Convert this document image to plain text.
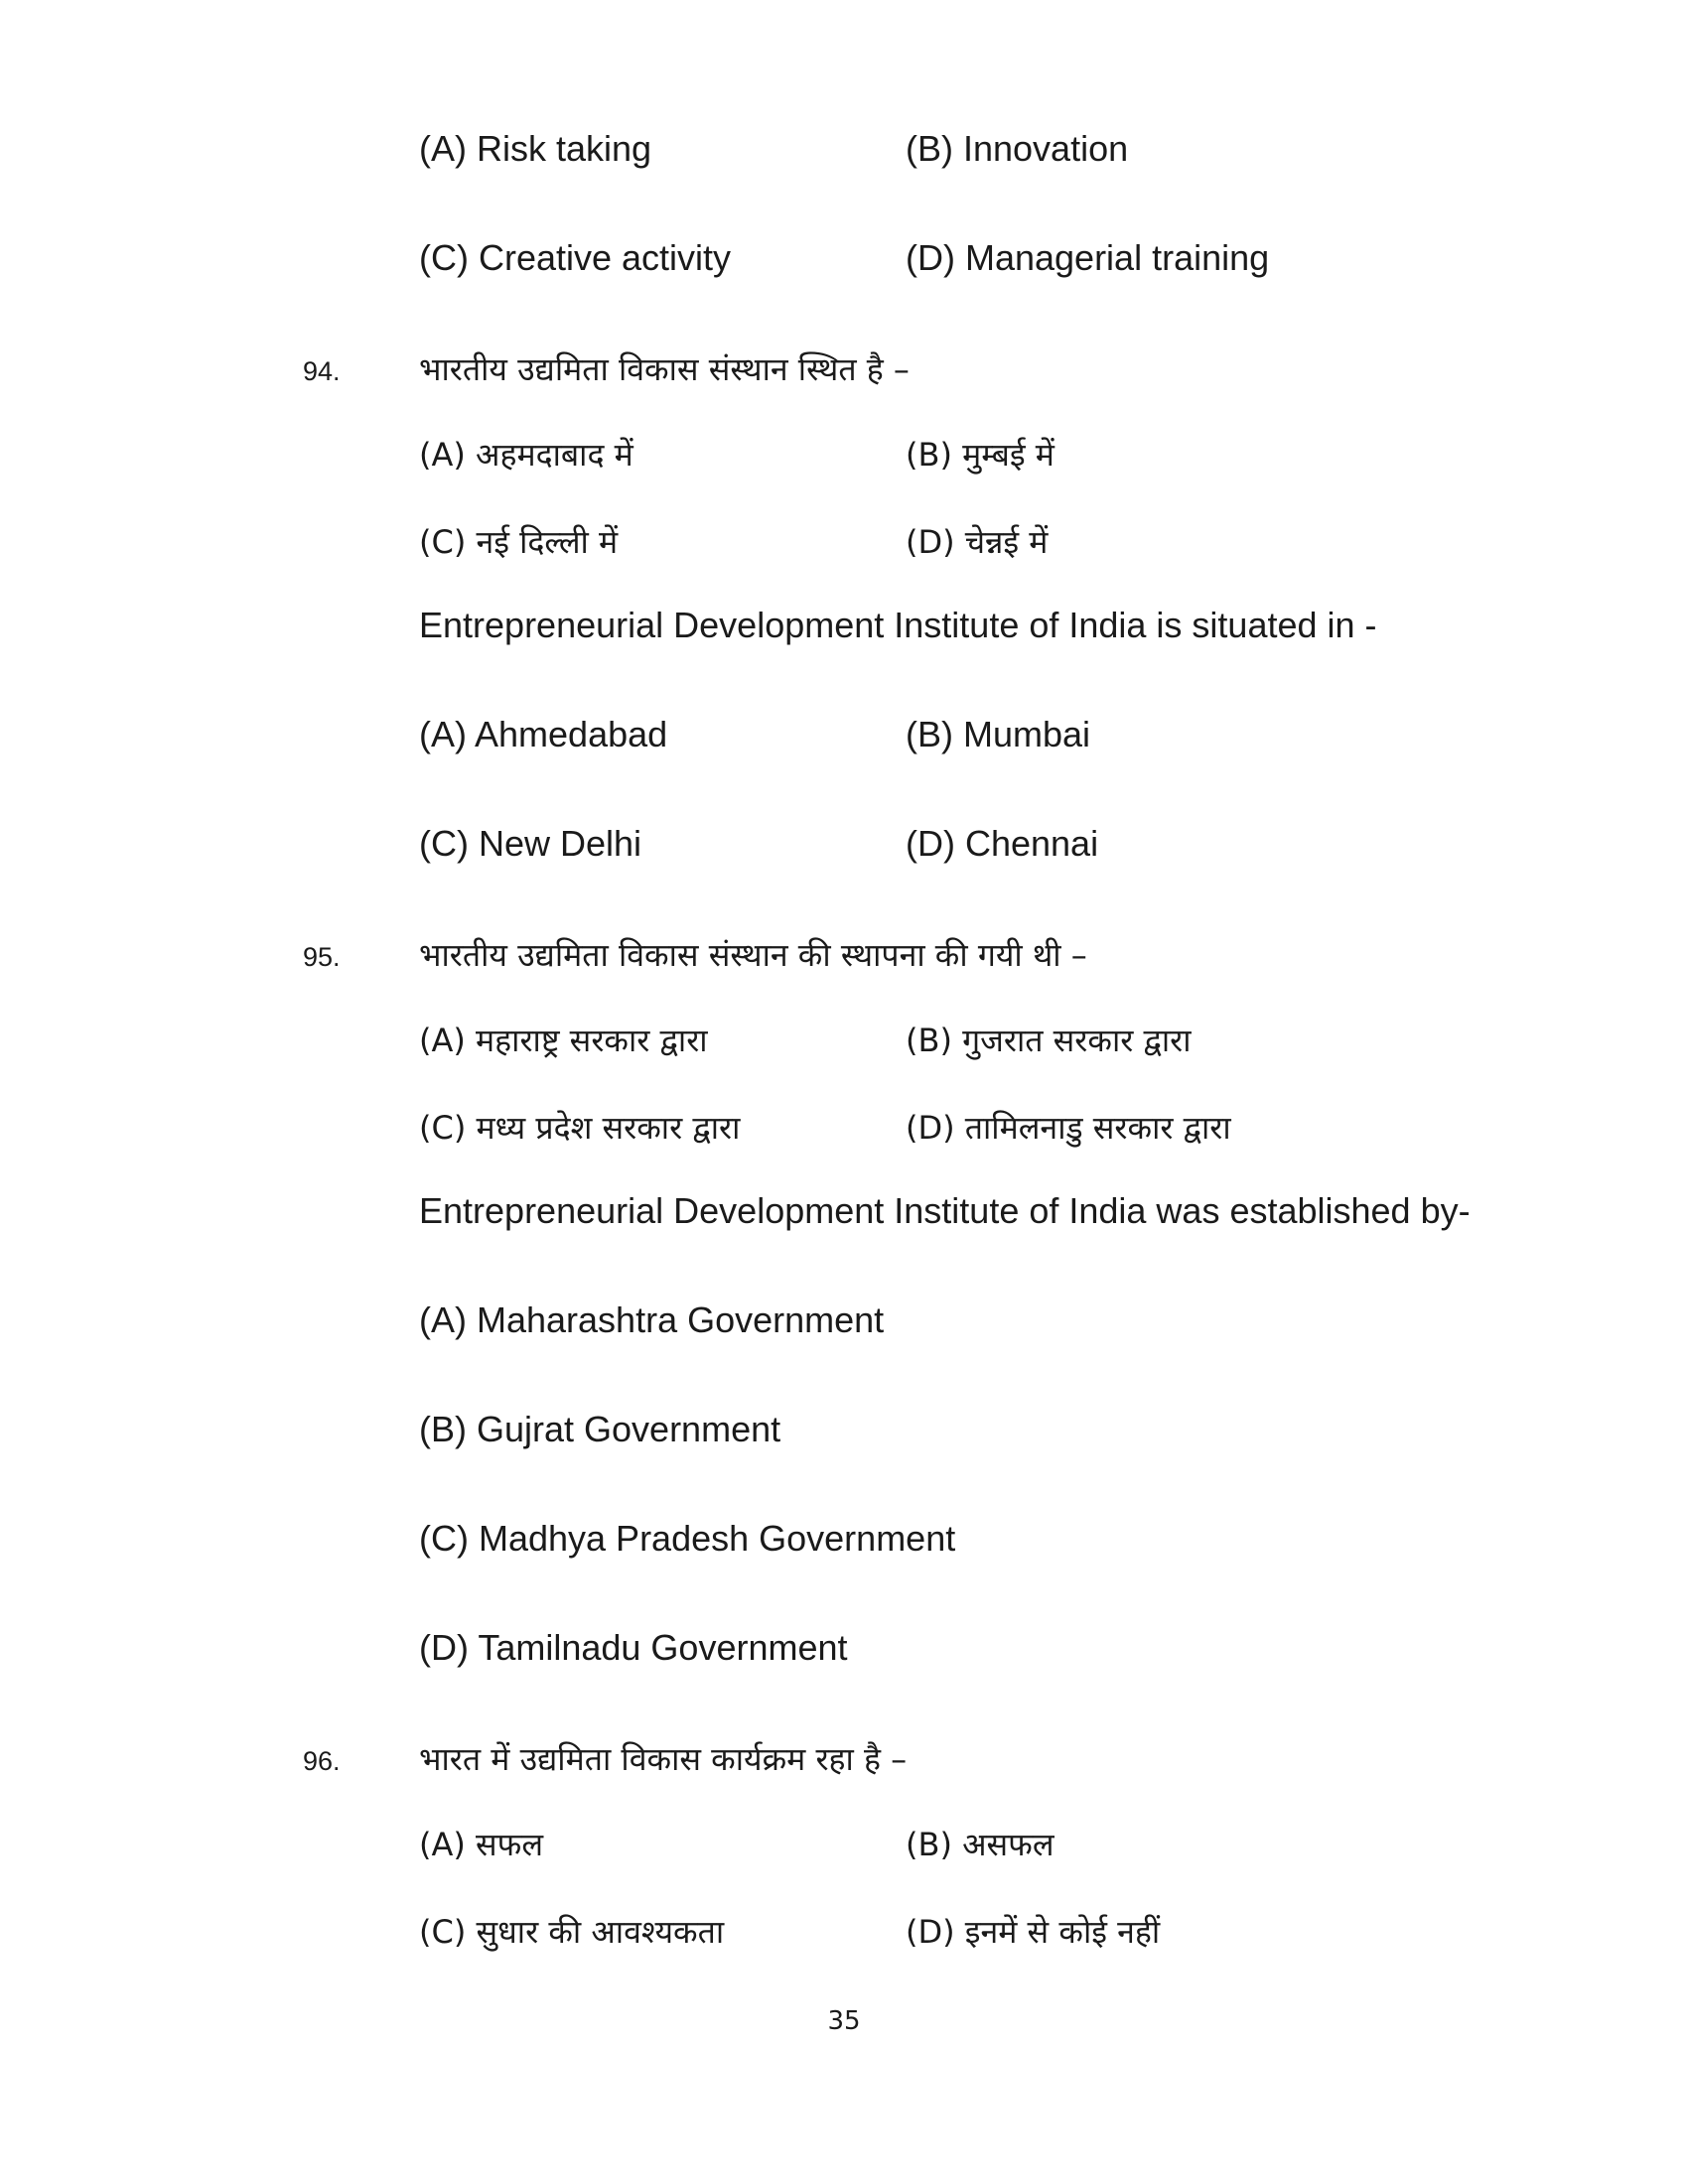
(A) Risk taking	(B) Innovation
(C) Creative activity	(D) Managerial training
94. भारतीय उद्यमिता विकास संस्थान स्थित है –
(A) अहमदाबाद में	(B) मुम्बई में
(C) नई दिल्ली में	(D) चेन्नई में
Entrepreneurial Development Institute of India is situated in -
(A) Ahmedabad	(B) Mumbai
(C) New Delhi	(D) Chennai
95. भारतीय उद्यमिता विकास संस्थान की स्थापना की गयी थी –
(A) महाराष्ट्र सरकार द्वारा	(B) गुजरात सरकार द्वारा
(C) मध्य प्रदेश सरकार द्वारा	(D) तामिलनाडु सरकार द्वारा
Entrepreneurial Development Institute of India was established by-
(A) Maharashtra Government
(B) Gujrat Government
(C) Madhya Pradesh Government
(D) Tamilnadu Government
96. भारत में उद्यमिता विकास कार्यक्रम रहा है –
(A) सफल	(B) असफल
(C) सुधार की आवश्यकता	(D) इनमें से कोई नहीं
35
